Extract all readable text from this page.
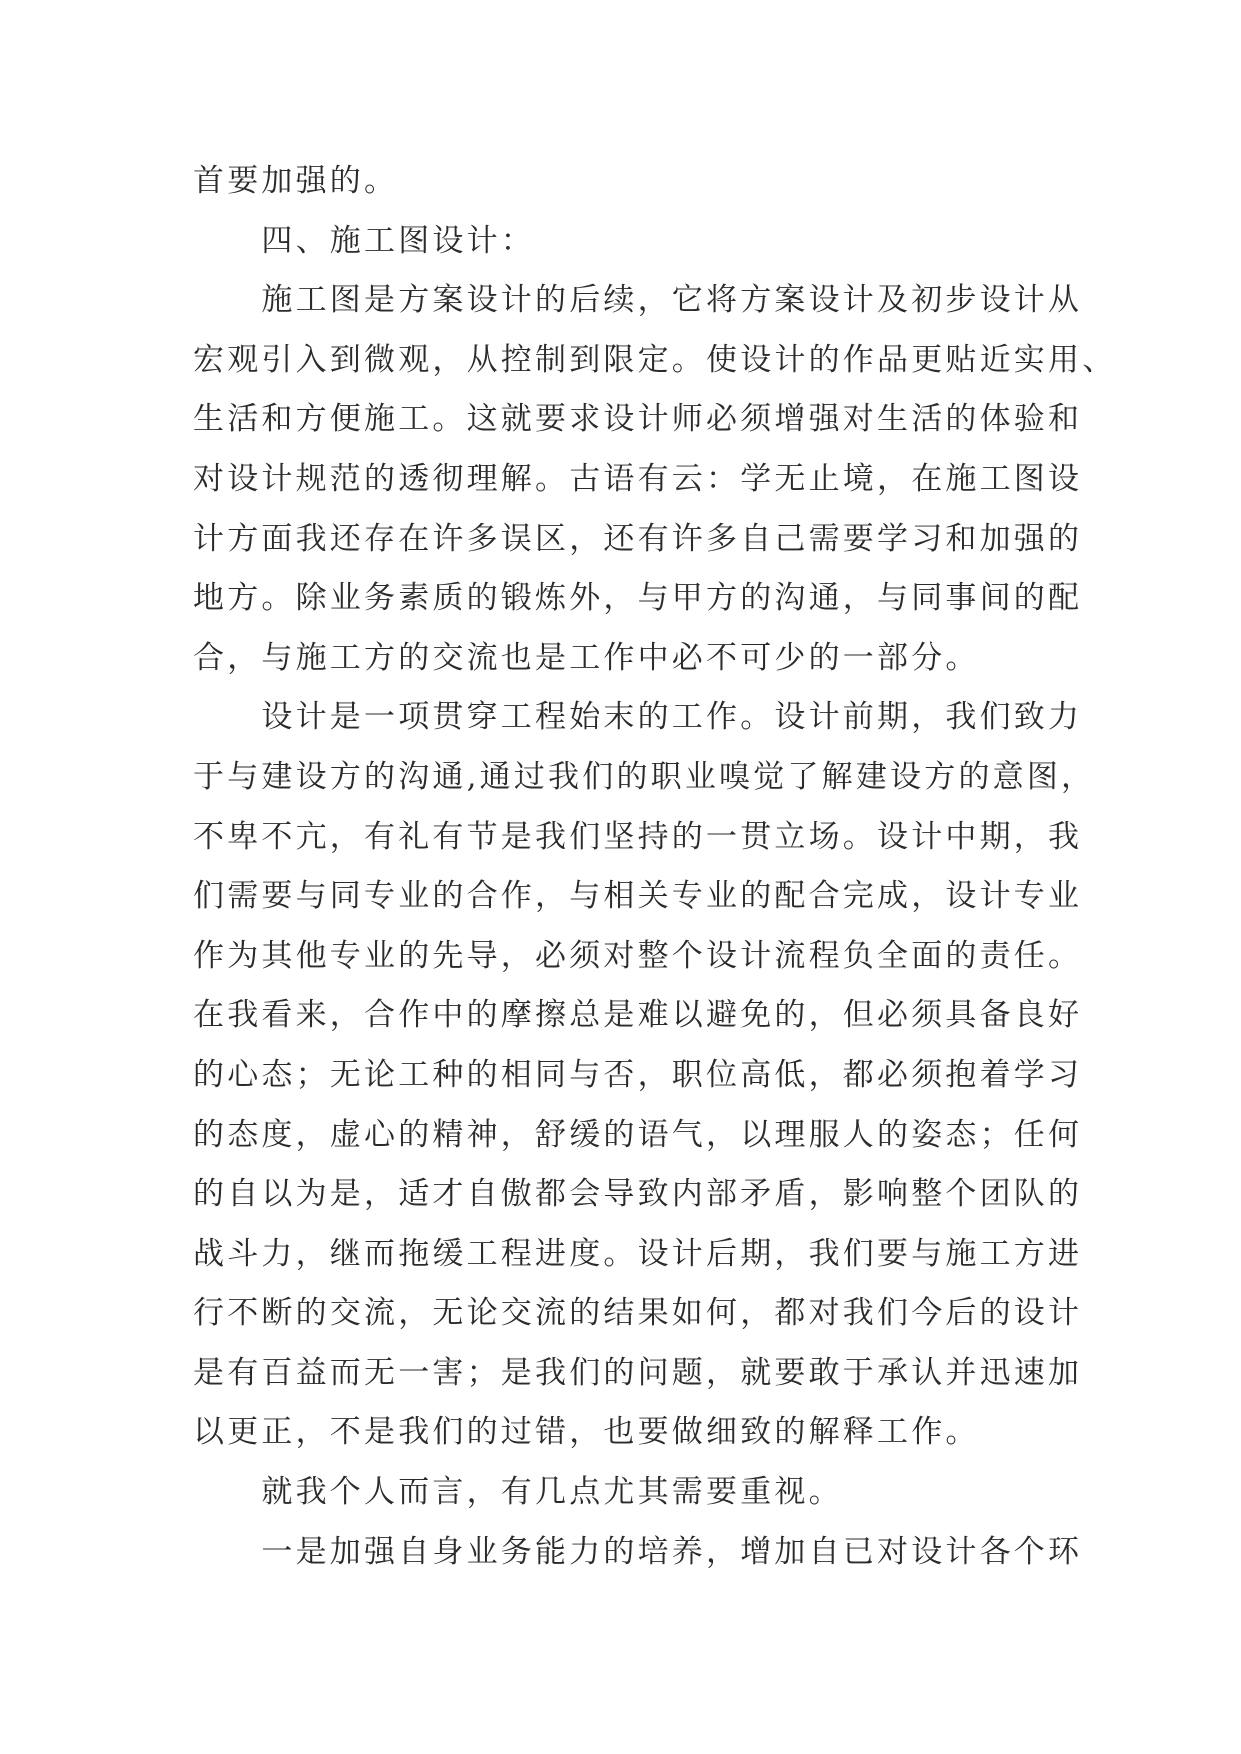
首要加强的。
　　四、施工图设计：
　　施工图是方案设计的后续，它将方案设计及初步设计从
宏观引入到微观，从控制到限定。使设计的作品更贴近实用、
生活和方便施工。这就要求设计师必须增强对生活的体验和
对设计规范的透彻理解。古语有云：学无止境，在施工图设
计方面我还存在许多误区，还有许多自己需要学习和加强的
地方。除业务素质的锻炼外，与甲方的沟通，与同事间的配
合，与施工方的交流也是工作中必不可少的一部分。
　　设计是一项贯穿工程始末的工作。设计前期，我们致力
于与建设方的沟通,通过我们的职业嗅觉了解建设方的意图，
不卑不亢，有礼有节是我们坚持的一贯立场。设计中期，我
们需要与同专业的合作，与相关专业的配合完成，设计专业
作为其他专业的先导，必须对整个设计流程负全面的责任。
在我看来，合作中的摩擦总是难以避免的，但必须具备良好
的心态；无论工种的相同与否，职位高低，都必须抱着学习
的态度，虚心的精神，舒缓的语气，以理服人的姿态；任何
的自以为是，适才自傲都会导致内部矛盾，影响整个团队的
战斗力，继而拖缓工程进度。设计后期，我们要与施工方进
行不断的交流，无论交流的结果如何，都对我们今后的设计
是有百益而无一害；是我们的问题，就要敢于承认并迅速加
以更正，不是我们的过错，也要做细致的解释工作。
　　就我个人而言，有几点尤其需要重视。
　　一是加强自身业务能力的培养，增加自已对设计各个环
